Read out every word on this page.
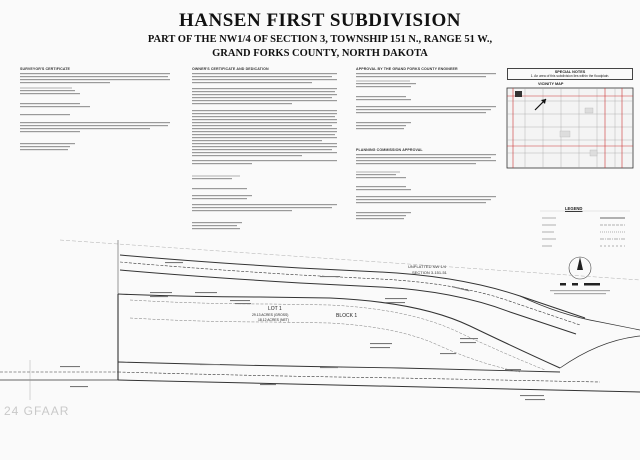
HANSEN FIRST SUBDIVISION
PART OF THE NW1/4 OF SECTION 3, TOWNSHIP 151 N., RANGE 51 W.,
GRAND FORKS COUNTY, NORTH DAKOTA
SURVEYOR'S CERTIFICATE	OWNER'S CERTIFICATE AND DEDICATION	APPROVAL BY THE GRAND FORKS COUNTY ENGINEER
PLANNING COMMISSION APPROVAL
SPECIAL NOTES
1. An area of this subdivision lies within the floodplain.
VICINITY MAP
LEGEND
LOT 1
29.13 ACRES (GROSS)
18.12 ACRES (NET)
BLOCK 1
UNPLATTED NW 1/4
SECTION 3-151-51
24 GFAAR
